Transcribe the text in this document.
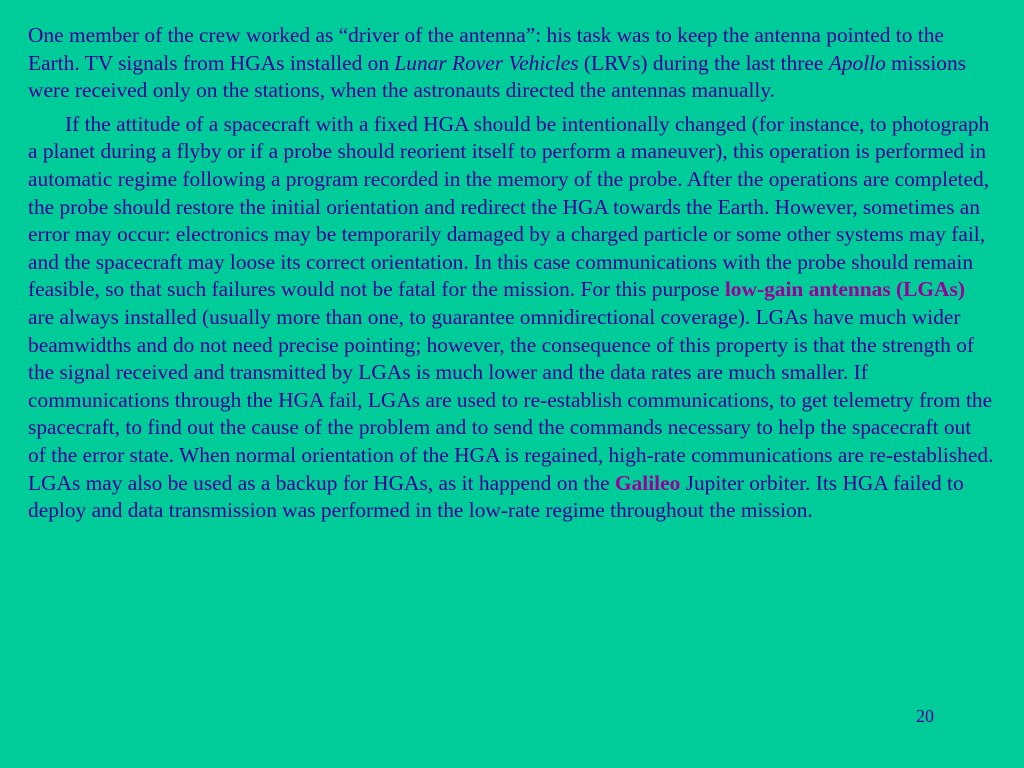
One member of the crew worked as “driver of the antenna”: his task was to keep the antenna pointed to the Earth. TV signals from HGAs installed on Lunar Rover Vehicles (LRVs) during the last three Apollo missions were received only on the stations, when the astronauts directed the antennas manually.

If the attitude of a spacecraft with a fixed HGA should be intentionally changed (for instance, to photograph a planet during a flyby or if a probe should reorient itself to perform a maneuver), this operation is performed in automatic regime following a program recorded in the memory of the probe. After the operations are completed, the probe should restore the initial orientation and redirect the HGA towards the Earth. However, sometimes an error may occur: electronics may be temporarily damaged by a charged particle or some other systems may fail, and the spacecraft may loose its correct orientation. In this case communications with the probe should remain feasible, so that such failures would not be fatal for the mission. For this purpose low-gain antennas (LGAs) are always installed (usually more than one, to guarantee omnidirectional coverage). LGAs have much wider beamwidths and do not need precise pointing; however, the consequence of this property is that the strength of the signal received and transmitted by LGAs is much lower and the data rates are much smaller. If communications through the HGA fail, LGAs are used to re-establish communications, to get telemetry from the spacecraft, to find out the cause of the problem and to send the commands necessary to help the spacecraft out of the error state. When normal orientation of the HGA is regained, high-rate communications are re-established. LGAs may also be used as a backup for HGAs, as it happend on the Galileo Jupiter orbiter. Its HGA failed to deploy and data transmission was performed in the low-rate regime throughout the mission.

20
